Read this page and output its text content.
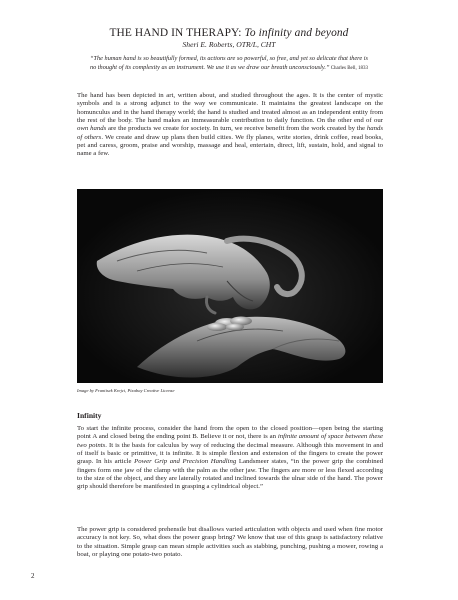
THE HAND IN THERAPY: To infinity and beyond
Sheri E. Roberts, OTR/L, CHT
“The human hand is so beautifully formed, its actions are so powerful, so free, and yet so delicate that there is no thought of its complexity as an instrument. We use it as we draw our breath unconsciously.” Charles Bell, 1833
The hand has been depicted in art, written about, and studied throughout the ages. It is the center of mystic symbols and is a strong adjunct to the way we communicate. It maintains the greatest landscape on the homunculus and in the hand therapy world; the hand is studied and treated almost as an independent entity from the rest of the body. The hand makes an immeasurable contribution to daily function. On the other end of our own hands are the products we create for society. In turn, we receive benefit from the work created by the hands of others. We create and draw up plans then build cities. We fly planes, write stories, drink coffee, read books, pet and caress, groom, praise and worship, massage and heal, entertain, direct, lift, sustain, hold, and signal to name a few.
Image by Frantisek Krejci, Pixabay Creative License
Infinity
To start the infinite process, consider the hand from the open to the closed position—open being the starting point A and closed being the ending point B. Believe it or not, there is an infinite amount of space between these two points. It is the basis for calculus by way of reducing the decimal measure. Although this movement in and of itself is basic or primitive, it is infinite. It is simple flexion and extension of the fingers to create the power grasp. In his article Power Grip and Precision Handling Landsmeer states, “in the power grip the combined fingers form one jaw of the clamp with the palm as the other jaw. The fingers are more or less flexed according to the size of the object, and they are laterally rotated and inclined towards the ulnar side of the hand. The power grip should therefore be manifested in grasping a cylindrical object.”
The power grip is considered prehensile but disallows varied articulation with objects and used when fine motor accuracy is not key. So, what does the power grasp bring? We know that use of this grasp is satisfactory relative to the situation. Simple grasp can mean simple activities such as stabbing, punching, pushing a mower, rowing a boat, or playing one potato-two potato.
2
